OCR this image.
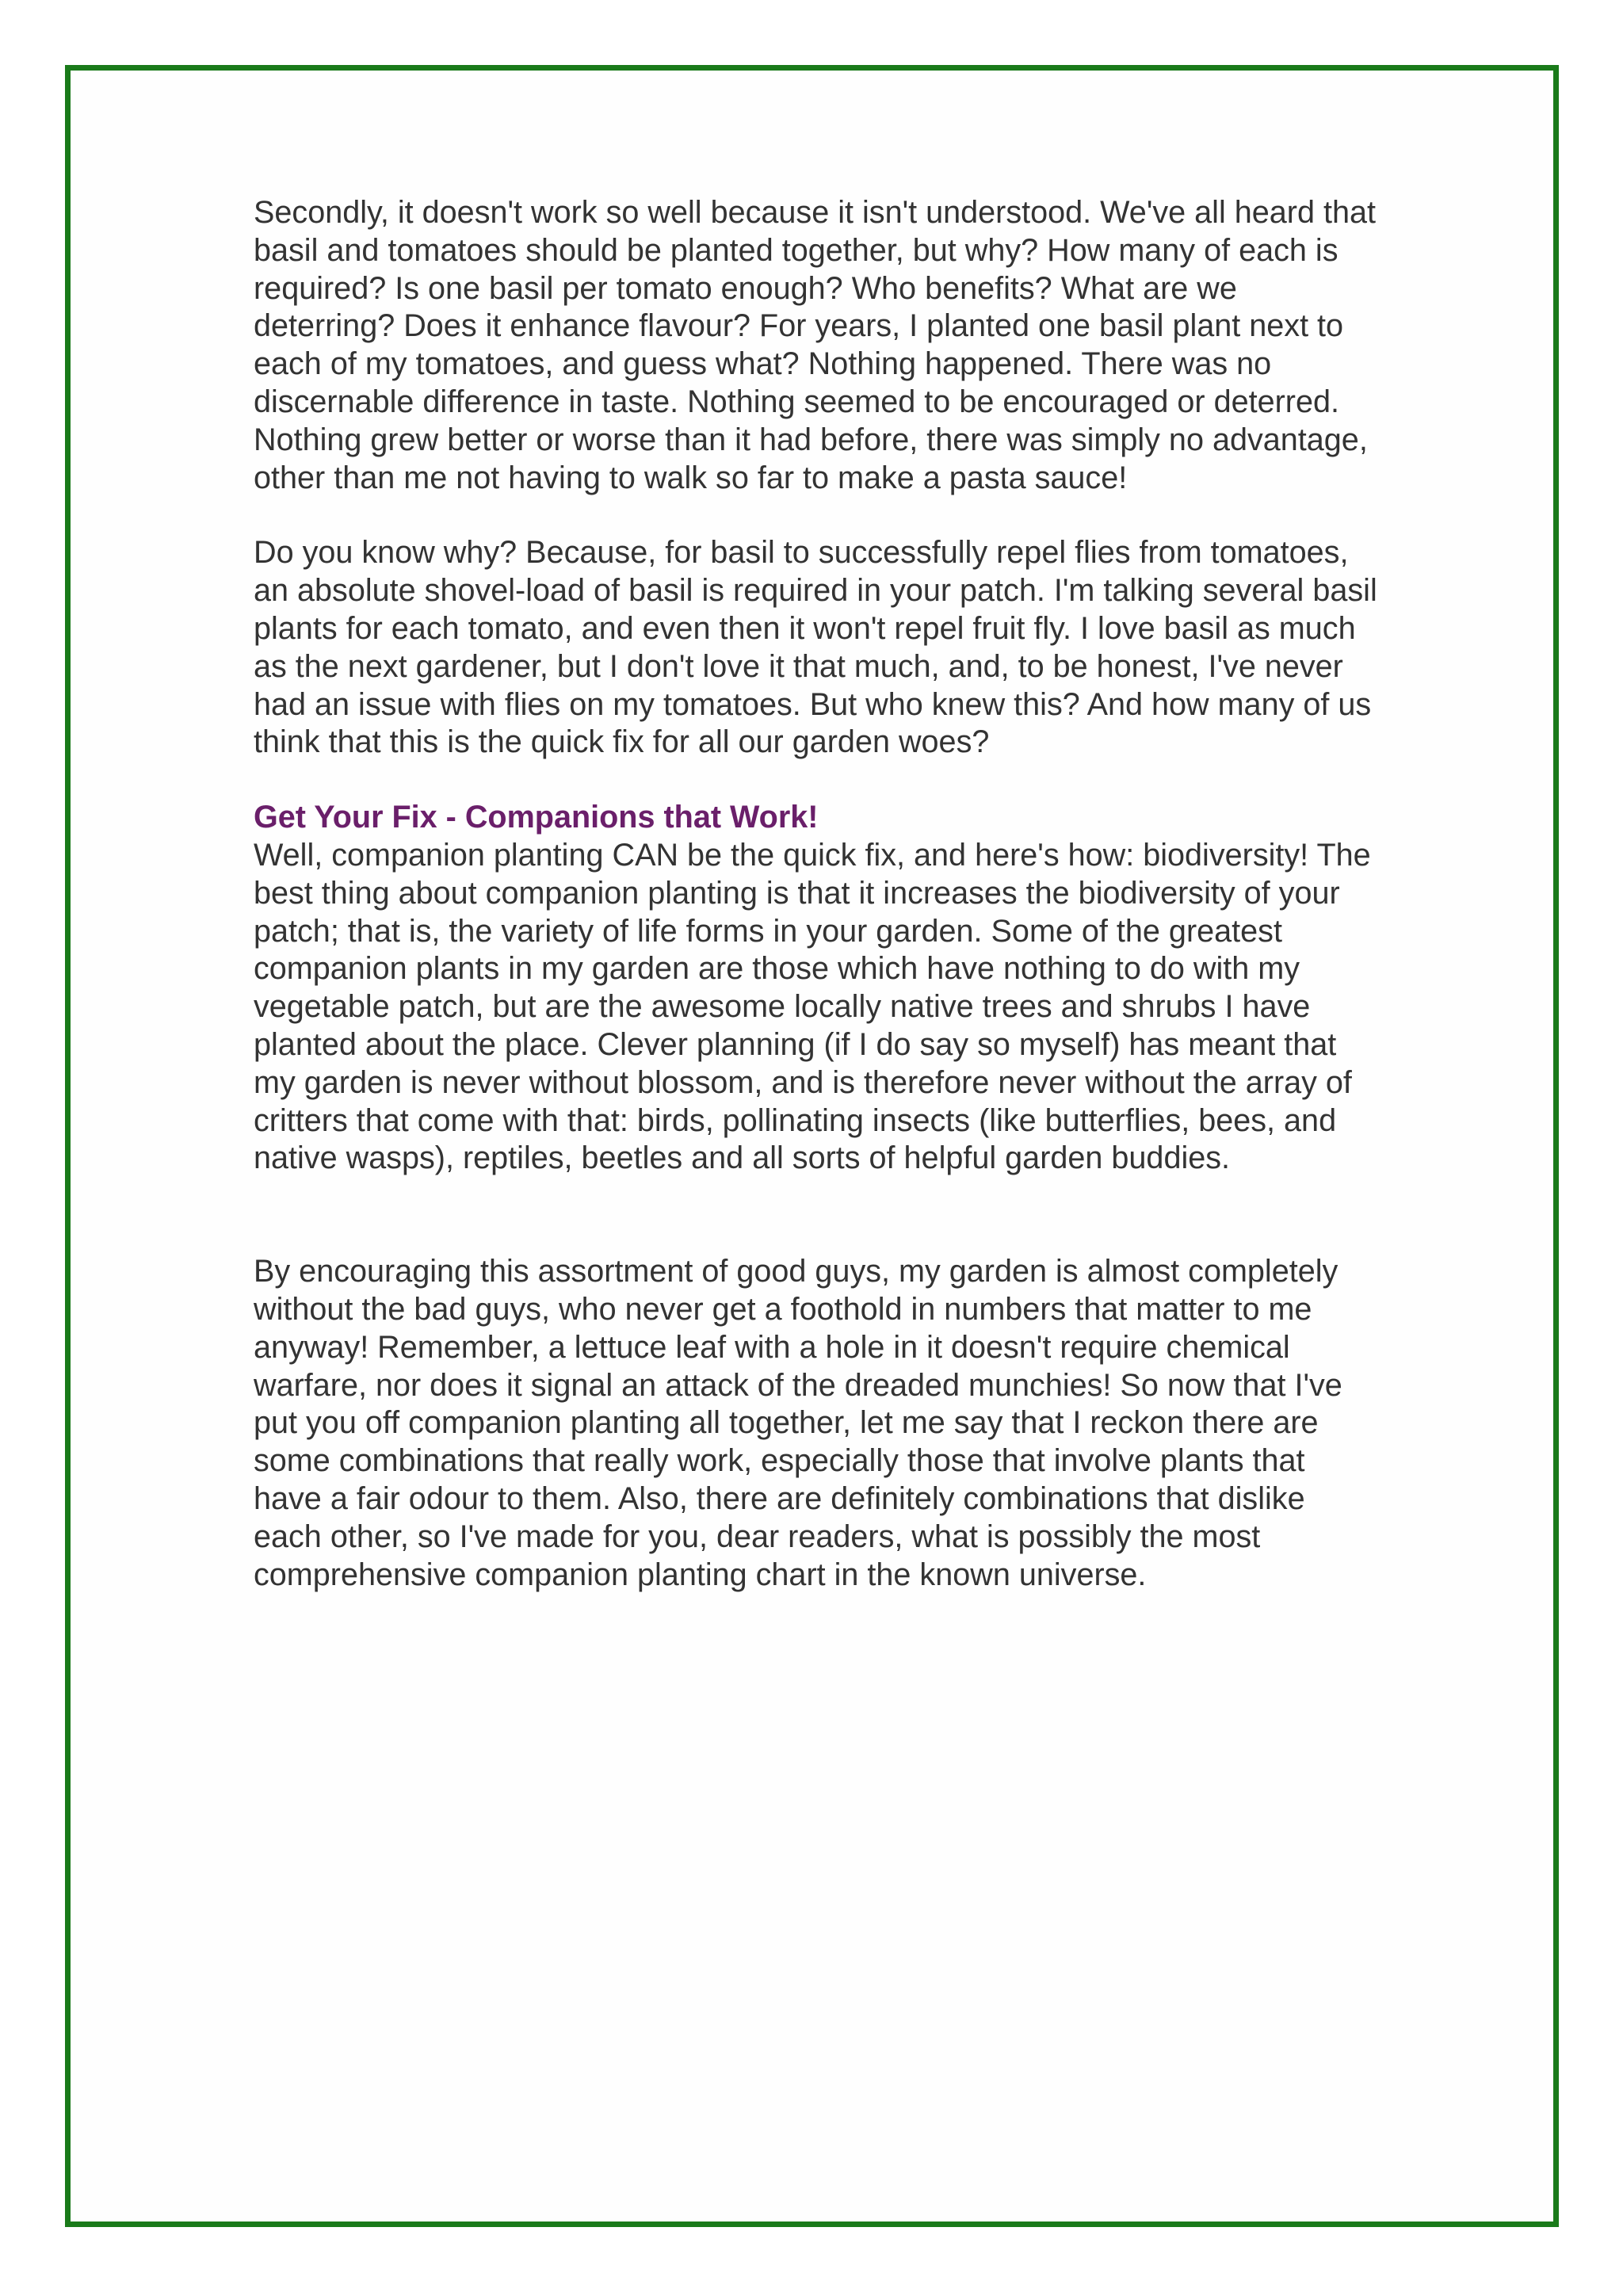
Secondly, it doesn't work so well because it isn't understood. We've all heard that basil and tomatoes should be planted together, but why? How many of each is required? Is one basil per tomato enough? Who benefits? What are we deterring? Does it enhance flavour? For years, I planted one basil plant next to each of my tomatoes, and guess what? Nothing happened. There was no discernable difference in taste. Nothing seemed to be encouraged or deterred. Nothing grew better or worse than it had before, there was simply no advantage, other than me not having to walk so far to make a pasta sauce!

Do you know why? Because, for basil to successfully repel flies from tomatoes, an absolute shovel-load of basil is required in your patch. I'm talking several basil plants for each tomato, and even then it won't repel fruit fly. I love basil as much as the next gardener, but I don't love it that much, and, to be honest, I've never had an issue with flies on my tomatoes. But who knew this? And how many of us think that this is the quick fix for all our garden woes?

Get Your Fix - Companions that Work!

Well, companion planting CAN be the quick fix, and here's how: biodiversity! The best thing about companion planting is that it increases the biodiversity of your patch; that is, the variety of life forms in your garden. Some of the greatest companion plants in my garden are those which have nothing to do with my vegetable patch, but are the awesome locally native trees and shrubs I have planted about the place. Clever planning (if I do say so myself) has meant that my garden is never without blossom, and is therefore never without the array of critters that come with that: birds, pollinating insects (like butterflies, bees, and native wasps), reptiles, beetles and all sorts of helpful garden buddies.

By encouraging this assortment of good guys, my garden is almost completely without the bad guys, who never get a foothold in numbers that matter to me anyway! Remember, a lettuce leaf with a hole in it doesn't require chemical warfare, nor does it signal an attack of the dreaded munchies! So now that I've put you off companion planting all together, let me say that I reckon there are some combinations that really work, especially those that involve plants that have a fair odour to them. Also, there are definitely combinations that dislike each other, so I've made for you, dear readers, what is possibly the most comprehensive companion planting chart in the known universe.
